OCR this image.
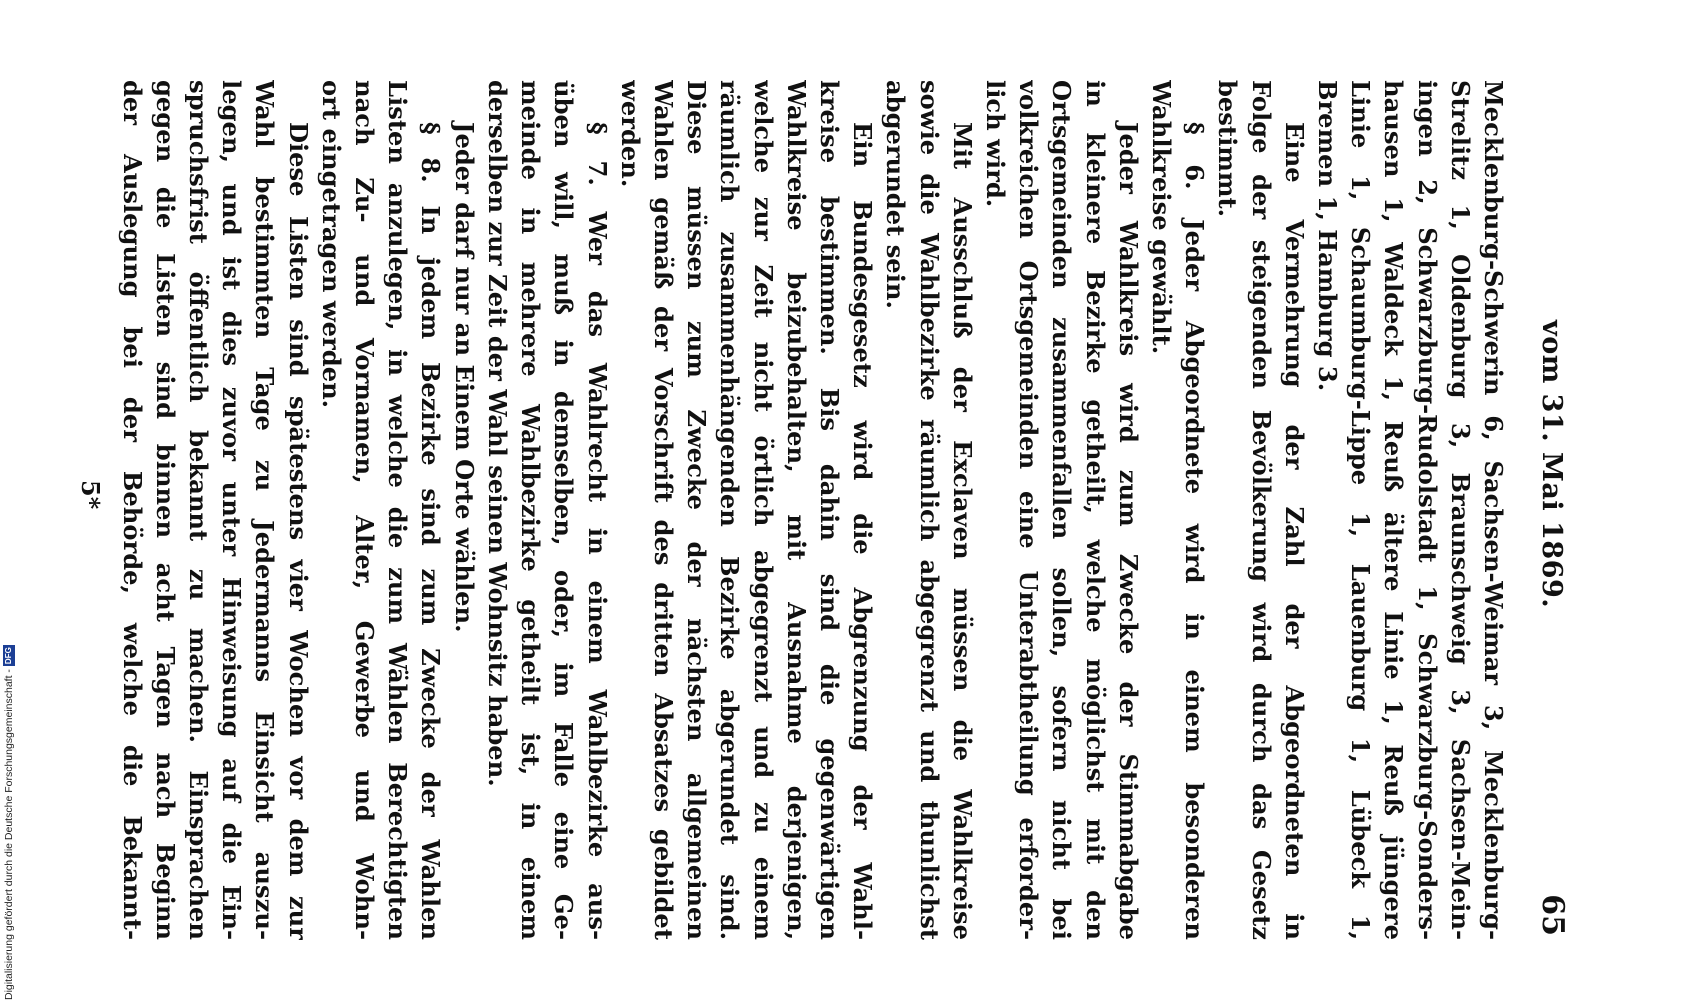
vom 31. Mai 1869.
65
Mecklenburg-Schwerin 6, Sachsen-Weimar 3, Mecklenburg-
Strelitz 1, Oldenburg 3, Braunschweig 3, Sachsen-Mein-
ingen 2, Schwarzburg-Rudolstadt 1, Schwarzburg-Sonders-
hausen 1, Waldeck 1, Reuß ältere Linie 1, Reuß jüngere
Linie 1, Schaumburg-Lippe 1, Lauenburg 1, Lübeck 1,
Bremen 1, Hamburg 3.
Eine Vermehrung der Zahl der Abgeordneten in
Folge der steigenden Bevölkerung wird durch das Gesetz
bestimmt.
§ 6. Jeder Abgeordnete wird in einem besonderen
Wahlkreise gewählt.
Jeder Wahlkreis wird zum Zwecke der Stimmabgabe
in kleinere Bezirke getheilt, welche möglichst mit den
Ortsgemeinden zusammenfallen sollen, sofern nicht bei
volkreichen Ortsgemeinden eine Unterabtheilung erforder-
lich wird.
Mit Ausschluß der Exclaven müssen die Wahlkreise
sowie die Wahlbezirke räumlich abgegrenzt und thunlichst
abgerundet sein.
Ein Bundesgesetz wird die Abgrenzung der Wahl-
kreise bestimmen. Bis dahin sind die gegenwärtigen
Wahlkreise beizubehalten, mit Ausnahme derjenigen,
welche zur Zeit nicht örtlich abgegrenzt und zu einem
räumlich zusammenhängenden Bezirke abgerundet sind.
Diese müssen zum Zwecke der nächsten allgemeinen
Wahlen gemäß der Vorschrift des dritten Absatzes gebildet
werden.
§ 7. Wer das Wahlrecht in einem Wahlbezirke aus-
üben will, muß in demselben, oder, im Falle eine Ge-
meinde in mehrere Wahlbezirke getheilt ist, in einem
derselben zur Zeit der Wahl seinen Wohnsitz haben.
Jeder darf nur an Einem Orte wählen.
§ 8. In jedem Bezirke sind zum Zwecke der Wahlen
Listen anzulegen, in welche die zum Wählen Berechtigten
nach Zu- und Vornamen, Alter, Gewerbe und Wohn-
ort eingetragen werden.
Diese Listen sind spätestens vier Wochen vor dem zur
Wahl bestimmten Tage zu Jedermanns Einsicht auszu-
legen, und ist dies zuvor unter Hinweisung auf die Ein-
spruchsfrist öffentlich bekannt zu machen. Einsprachen
gegen die Listen sind binnen acht Tagen nach Beginn
der Auslegung bei der Behörde, welche die Bekannt-
5*
Digitalisierung gefördert durch die Deutsche Forschungsgemeinschaft -
DFG
